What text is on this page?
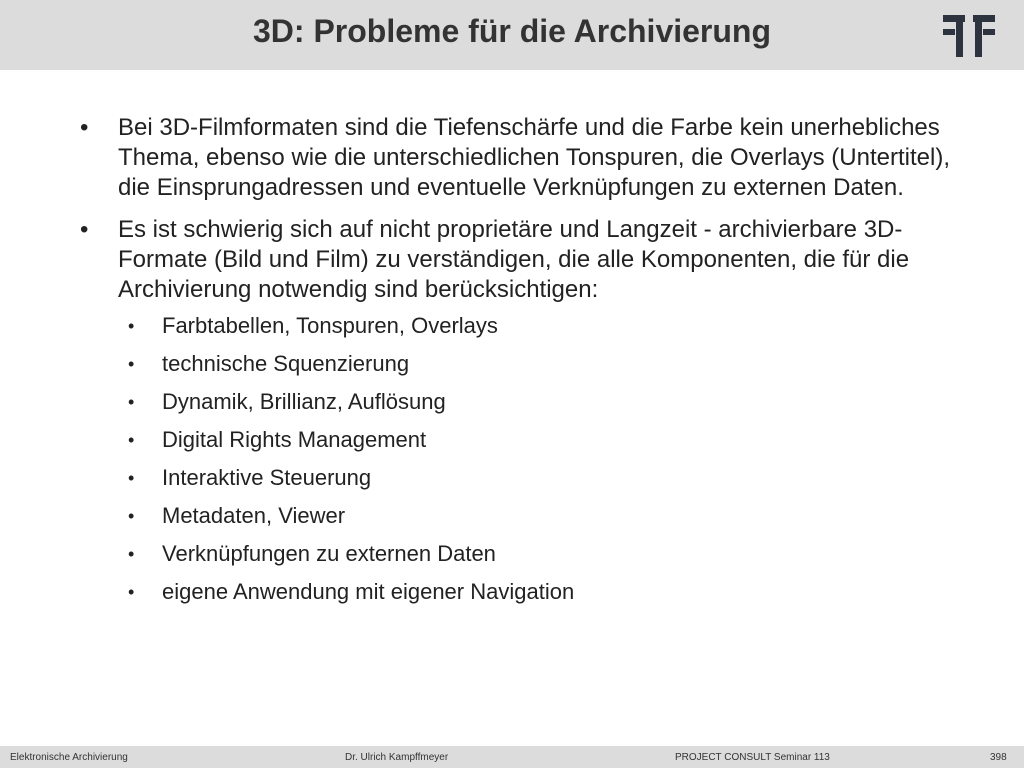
3D: Probleme für die Archivierung
• Bei 3D-Filmformaten sind die Tiefenschärfe und die Farbe kein unerhebliches Thema, ebenso wie die unterschiedlichen Tonspuren, die Overlays (Untertitel), die Einsprungadressen und eventuelle Verknüpfungen zu externen Daten.
• Es ist schwierig sich auf nicht proprietäre und Langzeit - archivierbare 3D-Formate (Bild und Film) zu verständigen, die alle Komponenten, die für die Archivierung notwendig sind berücksichtigen:
• Farbtabellen, Tonspuren, Overlays
• technische Squenzierung
• Dynamik, Brillianz, Auflösung
• Digital Rights Management
• Interaktive Steuerung
• Metadaten, Viewer
• Verknüpfungen zu externen Daten
• eigene Anwendung mit eigener Navigation
Elektronische Archivierung	Dr. Ulrich Kampffmeyer	PROJECT CONSULT Seminar 113	398
